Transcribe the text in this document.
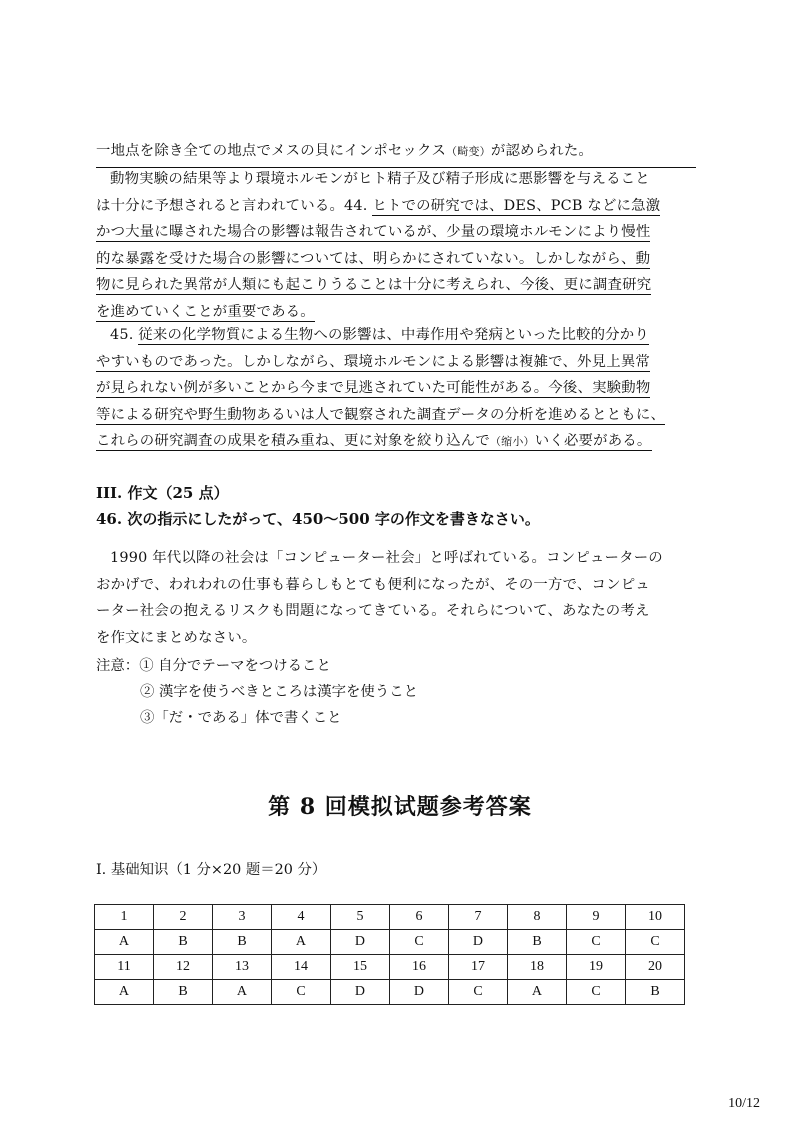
一地点を除き全ての地点でメスの貝にインポセックス（畸变）が認められた。

動物実験の結果等より環境ホルモンがヒト精子及び精子形成に悪影響を与えること
は十分に予想されると言われている。44. ヒトでの研究では、DES、PCB などに急激
かつ大量に曝された場合の影響は報告されているが、少量の環境ホルモンにより慢性
的な暴露を受けた場合の影響については、明らかにされていない。しかしながら、動
物に見られた異常が人類にも起こりうることは十分に考えられ、今後、更に調査研究
を進めていくことが重要である。

45. 従来の化学物質による生物への影響は、中毒作用や発病といった比較的分かり
やすいものであった。しかしながら、環境ホルモンによる影響は複雑で、外見上異常
が見られない例が多いことから今まで見逃されていた可能性がある。今後、実験動物
等による研究や野生動物あるいは人で観察された調査データの分析を進めるとともに、
これらの研究調査の成果を積み重ね、更に対象を絞り込んで（缩小）いく必要がある。

III. 作文（25 点）

46. 次の指示にしたがって、450～500 字の作文を書きなさい。

1990 年代以降の社会は「コンピューター社会」と呼ばれている。コンピューターの
おかげで、われわれの仕事も暮らしもとても便利になったが、その一方で、コンピュ
ーター社会の抱えるリスクも問題になってきている。それらについて、あなたの考え
を作文にまとめなさい。

注意：① 自分でテーマをつけること
② 漢字を使うべきところは漢字を使うこと
③「だ・である」体で書くこと
第 8 回模拟试题参考答案

I. 基础知识（1 分×20 题＝20 分）

1	2	3	4	5	6	7	8	9	10
A	B	B	A	D	C	D	B	C	C
11	12	13	14	15	16	17	18	19	20
A	B	A	C	D	D	C	A	C	B
10/12
